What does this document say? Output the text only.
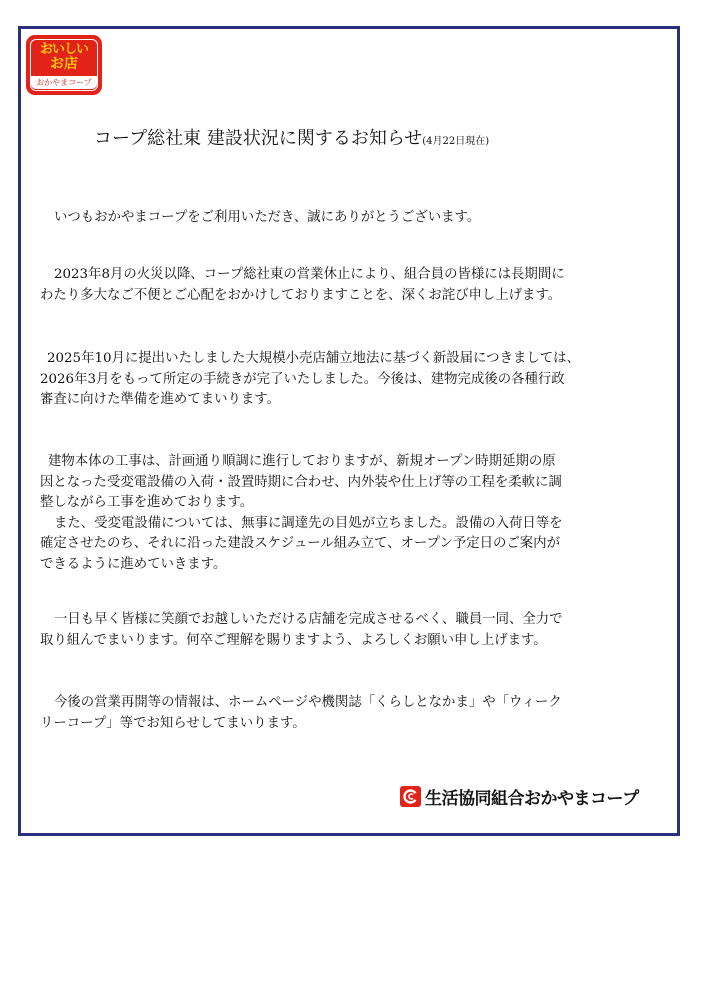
おいしい
お店
おかやまコープ
コープ総社東 建設状況に関するお知らせ(4月22日現在)
いつもおかやまコープをご利用いただき、誠にありがとうございます。
2023年8月の火災以降、コープ総社東の営業休止により、組合員の皆様には長期間に
わたり多大なご不便とご心配をおかけしておりますことを、深くお詫び申し上げます。
2025年10月に提出いたしました大規模小売店舗立地法に基づく新設届につきましては、
2026年3月をもって所定の手続きが完了いたしました。今後は、建物完成後の各種行政
審査に向けた準備を進めてまいります。
建物本体の工事は、計画通り順調に進行しておりますが、新規オープン時期延期の原
因となった受変電設備の入荷・設置時期に合わせ、内外装や仕上げ等の工程を柔軟に調
整しながら工事を進めております。
また、受変電設備については、無事に調達先の目処が立ちました。設備の入荷日等を
確定させたのち、それに沿った建設スケジュール組み立て、オープン予定日のご案内が
できるように進めていきます。
一日も早く皆様に笑顔でお越しいただける店舗を完成させるべく、職員一同、全力で
取り組んでまいります。何卒ご理解を賜りますよう、よろしくお願い申し上げます。
今後の営業再開等の情報は、ホームページや機関誌「くらしとなかま」や「ウィーク
リーコープ」等でお知らせしてまいります。
生活協同組合おかやまコープ
